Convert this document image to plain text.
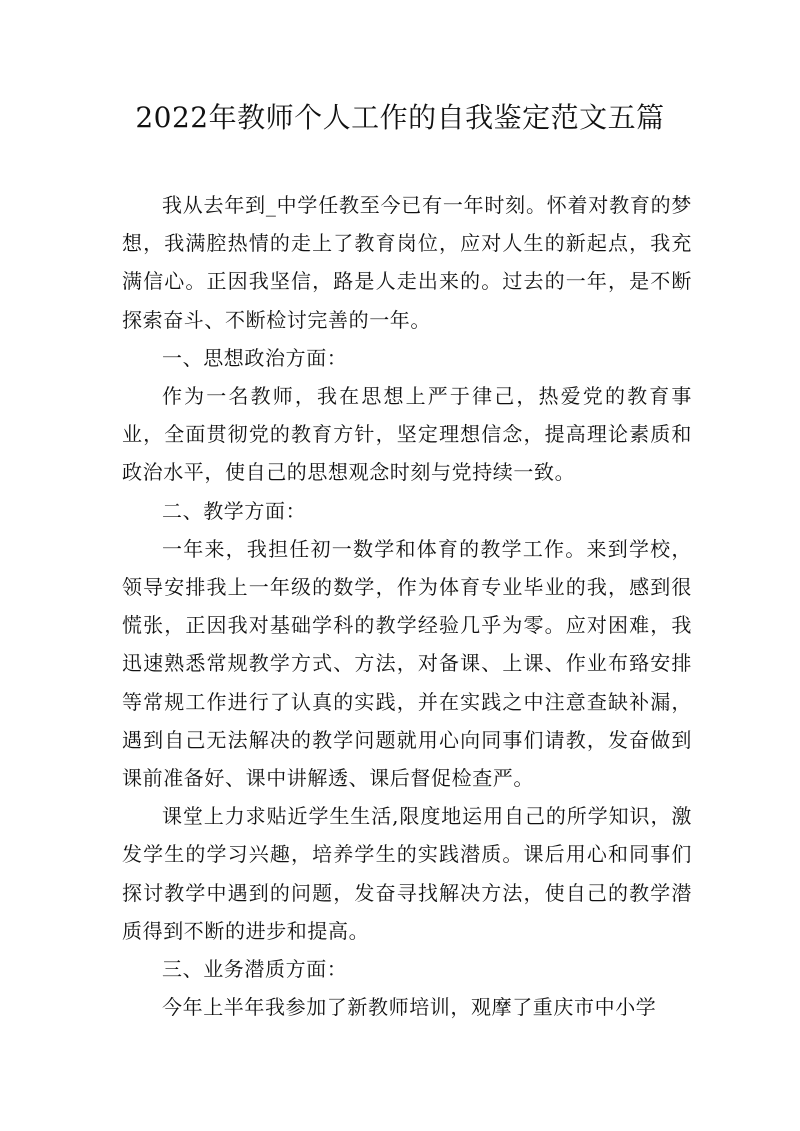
2022年教师个人工作的自我鉴定范文五篇

我从去年到_中学任教至今已有一年时刻。怀着对教育的梦想，我满腔热情的走上了教育岗位，应对人生的新起点，我充满信心。正因我坚信，路是人走出来的。过去的一年，是不断探索奋斗、不断检讨完善的一年。

一、思想政治方面：

作为一名教师，我在思想上严于律己，热爱党的教育事业，全面贯彻党的教育方针，坚定理想信念，提高理论素质和政治水平，使自己的思想观念时刻与党持续一致。

二、教学方面：

一年来，我担任初一数学和体育的教学工作。来到学校，领导安排我上一年级的数学，作为体育专业毕业的我，感到很慌张，正因我对基础学科的教学经验几乎为零。应对困难，我迅速熟悉常规教学方式、方法，对备课、上课、作业布臵安排等常规工作进行了认真的实践，并在实践之中注意查缺补漏，遇到自己无法解决的教学问题就用心向同事们请教，发奋做到课前准备好、课中讲解透、课后督促检查严。

课堂上力求贴近学生生活,限度地运用自己的所学知识，激发学生的学习兴趣，培养学生的实践潜质。课后用心和同事们探讨教学中遇到的问题，发奋寻找解决方法，使自己的教学潜质得到不断的进步和提高。

三、业务潜质方面：

今年上半年我参加了新教师培训，观摩了重庆市中小学
